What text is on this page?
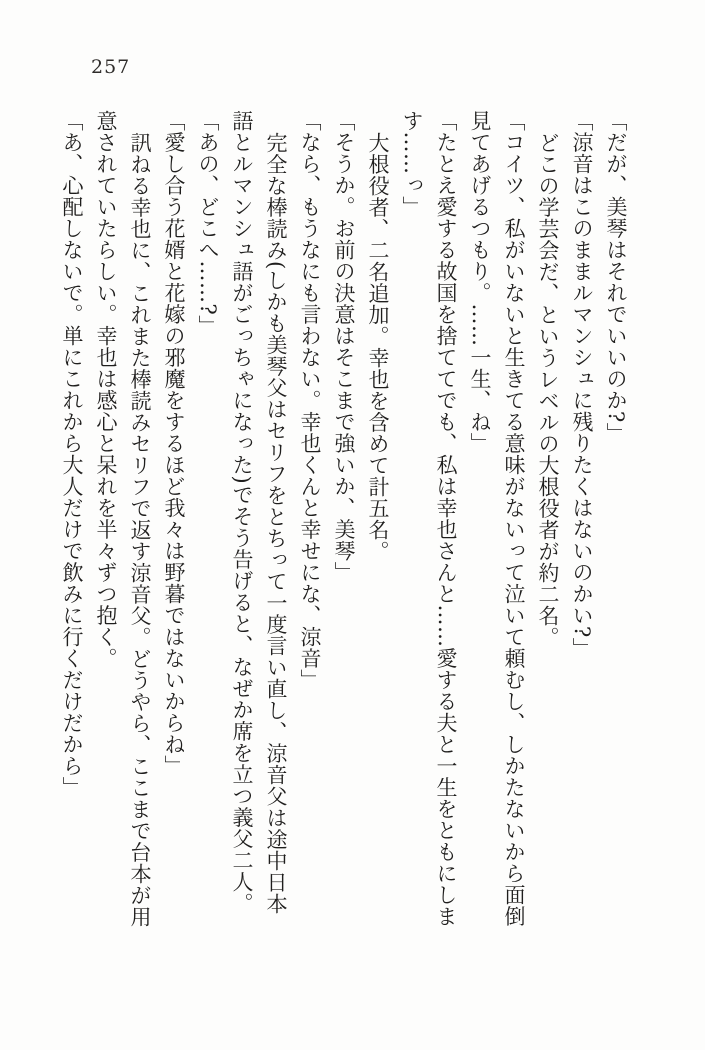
257
「だが、美琴はそれでいいのか?」
「涼音はこのままルマンシュに残りたくはないのかい?」
どこの学芸会だ、というレベルの大根役者が約二名。
「コイツ、私がいないと生きてる意味がないって泣いて頼むし、しかたないから面倒
見てあげるつもり。……一生、ね」
「たとえ愛する故国を捨ててでも、私は幸也さんと……愛する夫と一生をともにしま
す……っ」
大根役者、二名追加。幸也を含めて計五名。
「そうか。お前の決意はそこまで強いか、美琴」
「なら、もうなにも言わない。幸也くんと幸せにな、涼音」
完全な棒読み(しかも美琴父はセリフをとちって一度言い直し、涼音父は途中日本
語とルマンシュ語がごっちゃになった)でそう告げると、なぜか席を立つ義父二人。
「あの、どこへ……?」
「愛し合う花婿と花嫁の邪魔をするほど我々は野暮ではないからね」
訊ねる幸也に、これまた棒読みセリフで返す涼音父。どうやら、ここまで台本が用
意されていたらしい。幸也は感心と呆れを半々ずつ抱く。
「あ、心配しないで。単にこれから大人だけで飲みに行くだけだから」
